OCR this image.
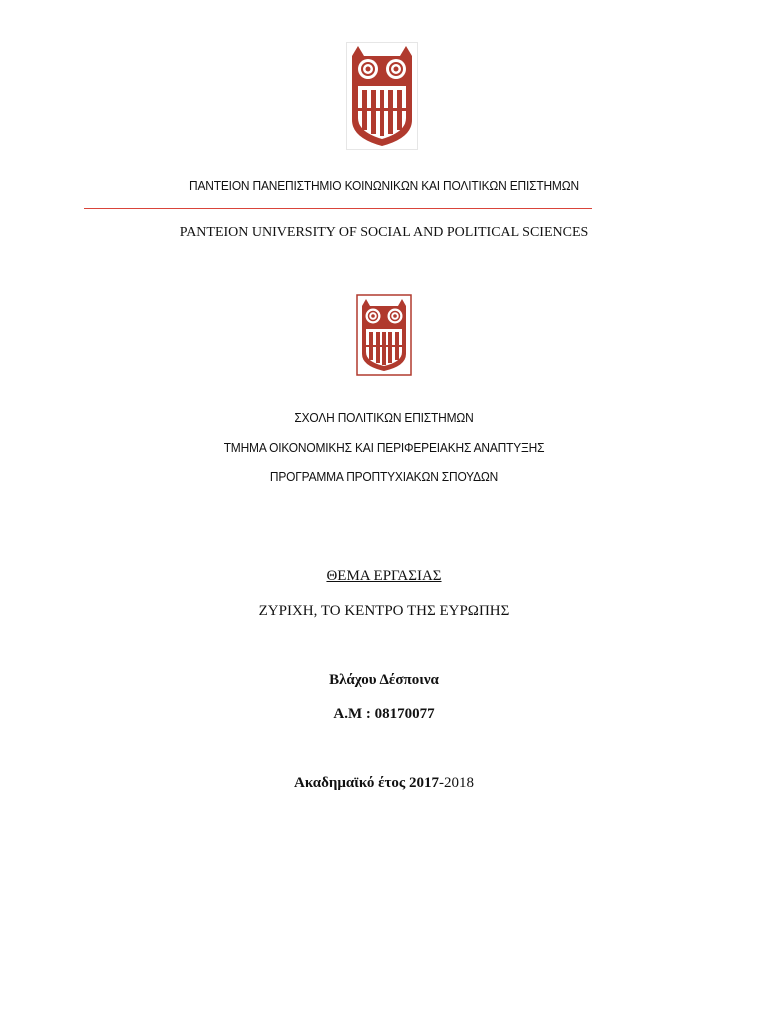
ΠΑΝΤΕΙΟΝ ΠΑΝΕΠΙΣΤΗΜΙΟ ΚΟΙΝΩΝΙΚΩΝ ΚΑΙ ΠΟΛΙΤΙΚΩΝ ΕΠΙΣΤΗΜΩΝ
PANTEION UNIVERSITY OF SOCIAL AND POLITICAL SCIENCES
ΣΧΟΛΗ ΠΟΛΙΤΙΚΩΝ ΕΠΙΣΤΗΜΩΝ
ΤΜΗΜΑ ΟΙΚΟΝΟΜΙΚΗΣ ΚΑΙ ΠΕΡΙΦΕΡΕΙΑΚΗΣ ΑΝΑΠΤΥΞΗΣ
ΠΡΟΓΡΑΜΜΑ ΠΡΟΠΤΥΧΙΑΚΩΝ ΣΠΟΥΔΩΝ
ΘΕΜΑ ΕΡΓΑΣΙΑΣ
ΖΥΡΙΧΗ, ΤΟ ΚΕΝΤΡΟ ΤΗΣ ΕΥΡΩΠΗΣ
Βλάχου Δέσποινα
Α.Μ : 08170077
Ακαδημαϊκό έτος 2017-2018
